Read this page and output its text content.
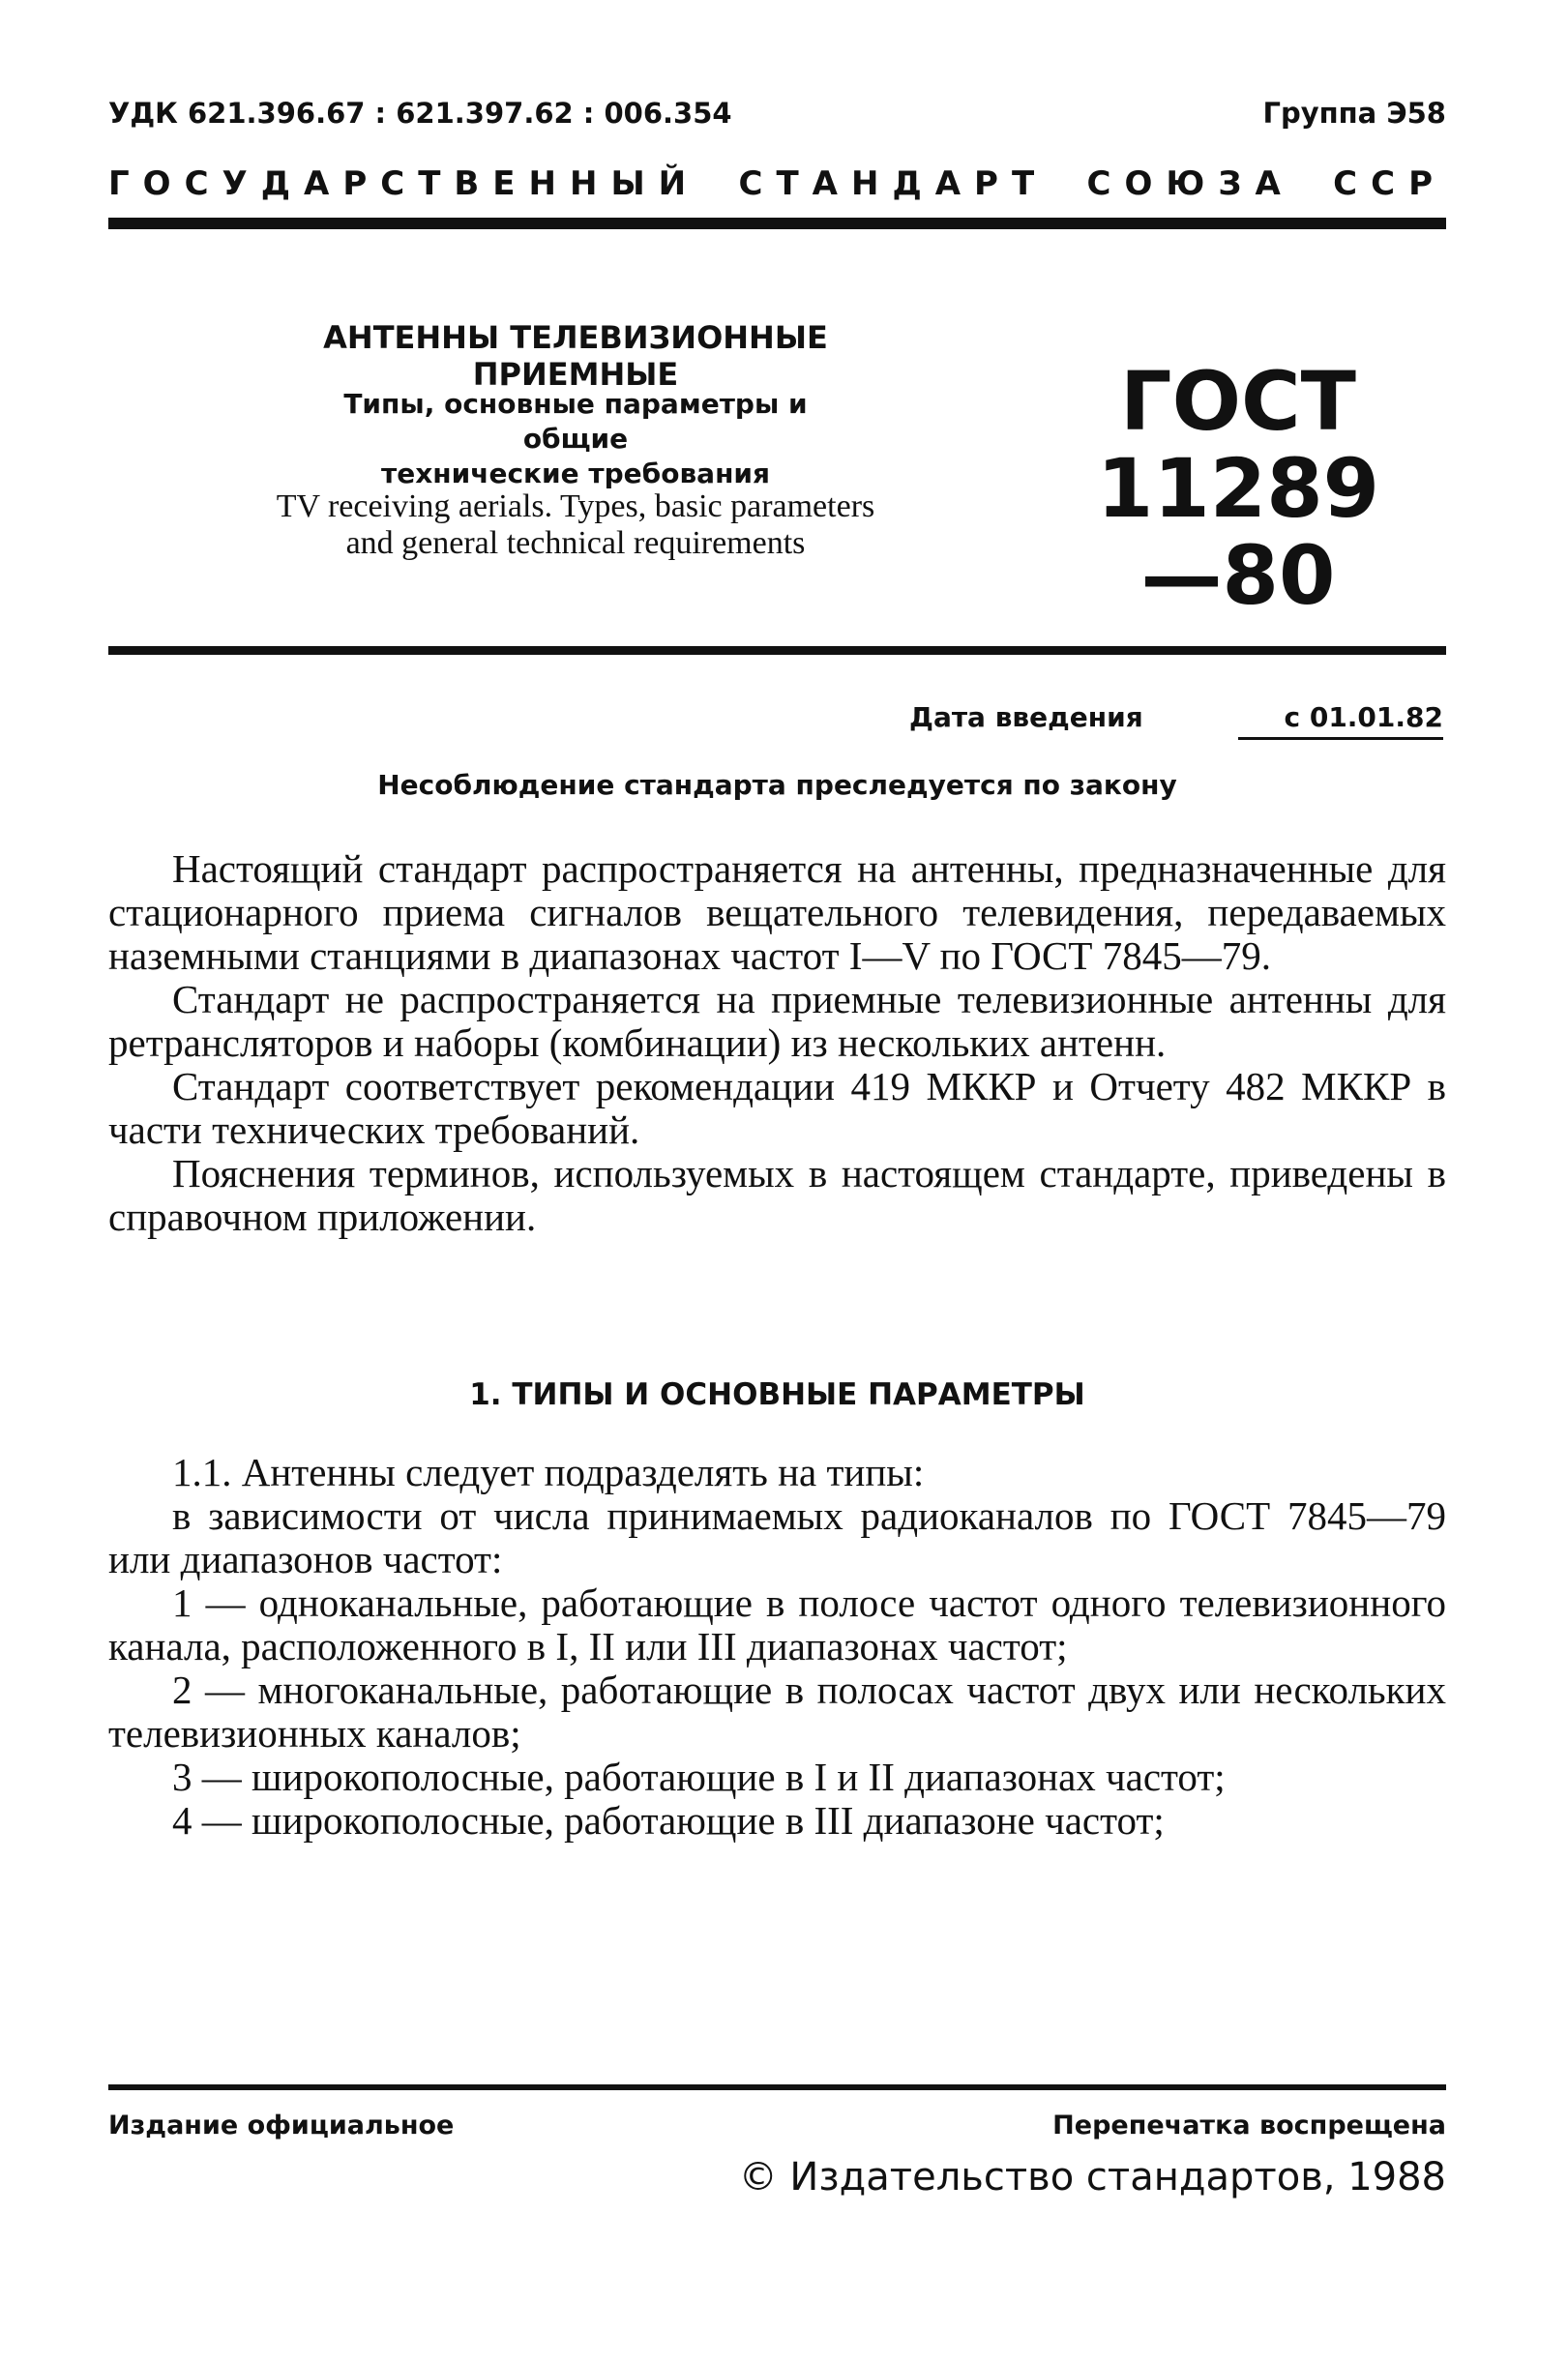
УДК 621.396.67 : 621.397.62 : 006.354	Группа Э58
ГОСУДАРСТВЕННЫЙ СТАНДАРТ СОЮЗА ССР
АНТЕННЫ ТЕЛЕВИЗИОННЫЕ ПРИЕМНЫЕ
Типы, основные параметры и общие
технические требования
TV receiving aerials. Types, basic parameters
and general technical requirements
ГОСТ
11289—80
Дата введения	с 01.01.82
Несоблюдение стандарта преследуется по закону

Настоящий стандарт распространяется на антенны, предназначенные для стационарного приема сигналов вещательного телевидения, передаваемых наземными станциями в диапазонах частот I—V по ГОСТ 7845—79.

Стандарт не распространяется на приемные телевизионные антенны для ретрансляторов и наборы (комбинации) из нескольких антенн.

Стандарт соответствует рекомендации 419 МККР и Отчету 482 МККР в части технических требований.

Пояснения терминов, используемых в настоящем стандарте, приведены в справочном приложении.

1. ТИПЫ И ОСНОВНЫЕ ПАРАМЕТРЫ

1.1. Антенны следует подразделять на типы:

в зависимости от числа принимаемых радиоканалов по ГОСТ 7845—79 или диапазонов частот:

1 — одноканальные, работающие в полосе частот одного телевизионного канала, расположенного в I, II или III диапазонах частот;

2 — многоканальные, работающие в полосах частот двух или нескольких телевизионных каналов;

3 — широкополосные, работающие в I и II диапазонах частот;

4 — широкополосные, работающие в III диапазоне частот;

Издание официальное	Перепечатка воспрещена
© Издательство стандартов, 1988
